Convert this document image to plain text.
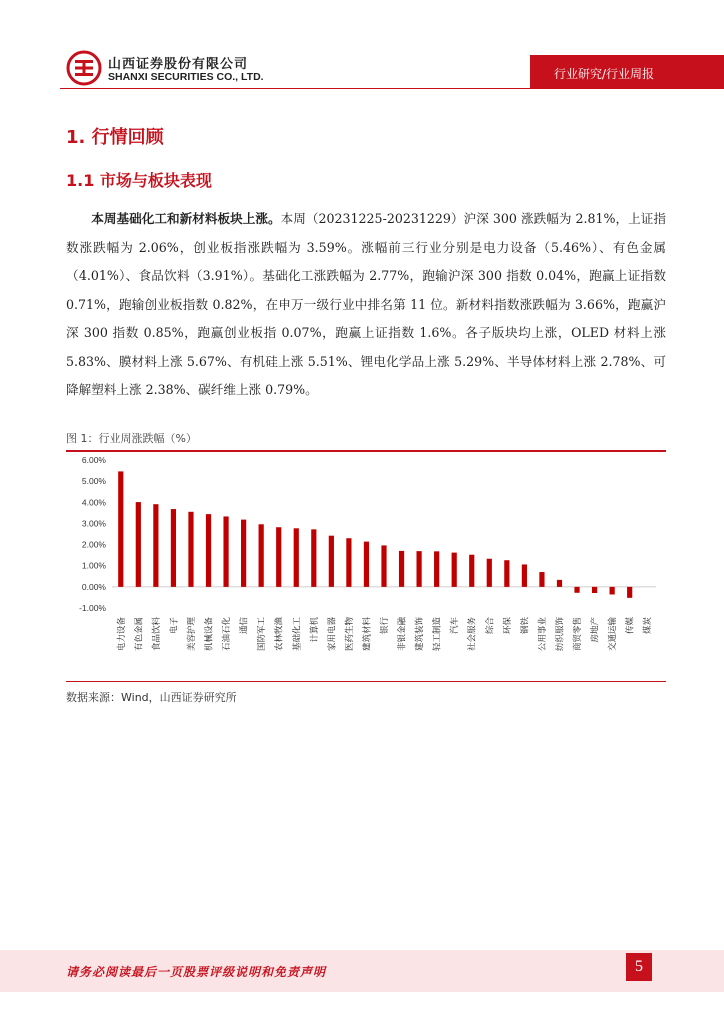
山西证券股份有限公司
SHANXI SECURITIES CO., LTD.	行业研究/行业周报
1. 行情回顾
1.1 市场与板块表现
本周基础化工和新材料板块上涨。本周（20231225-20231229）沪深 300 涨跌幅为 2.81%，上证指数涨跌幅为 2.06%，创业板指涨跌幅为 3.59%。涨幅前三行业分别是电力设备（5.46%）、有色金属（4.01%）、食品饮料（3.91%）。基础化工涨跌幅为 2.77%，跑输沪深 300 指数 0.04%，跑赢上证指数 0.71%，跑输创业板指数 0.82%，在申万一级行业中排名第 11 位。新材料指数涨跌幅为 3.66%，跑赢沪深 300 指数 0.85%，跑赢创业板指 0.07%，跑赢上证指数 1.6%。各子版块均上涨，OLED 材料上涨 5.83%、膜材料上涨 5.67%、有机硅上涨 5.51%、锂电化学品上涨 5.29%、半导体材料上涨 2.78%、可降解塑料上涨 2.38%、碳纤维上涨 0.79%。
图 1：行业周涨跌幅（%）
-1.00%
0.00%
1.00%
2.00%
3.00%
4.00%
5.00%
6.00%
电力设备 有色金属 食品饮料 电子 美容护理 机械设备 石油石化 通信 国防军工 农林牧渔 基础化工 计算机 家用电器 医药生物 建筑材料 银行 非银金融 建筑装饰 轻工制造 汽车 社会服务 综合 环保 钢铁 公用事业 纺织服饰 商贸零售 房地产 交通运输 传媒 煤炭
数据来源：Wind，山西证券研究所
请务必阅读最后一页股票评级说明和免责声明	5
